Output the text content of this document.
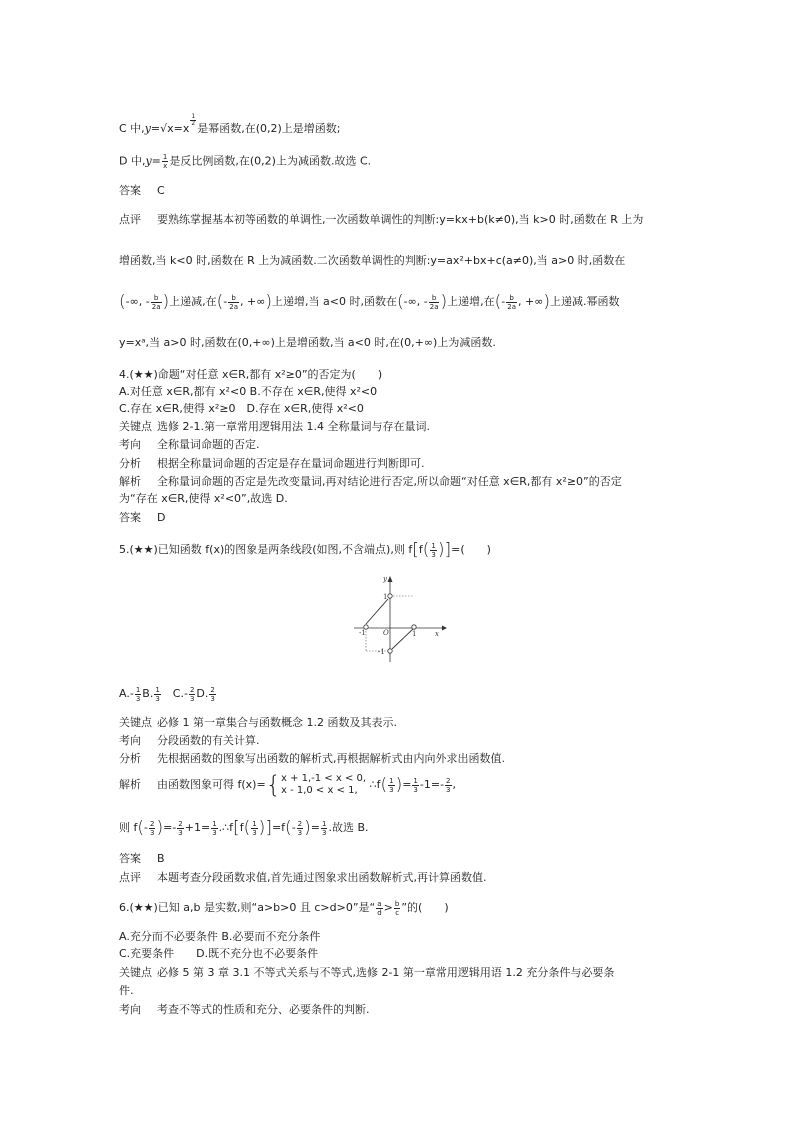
C 中,y=√x=x
$\frac{1}{2}$
是幂函数,在(0,2)上是增函数;
D 中$,y= \frac{1}{x}$ 是反比例函数,在(0,2)上为减函数.故选 C.
答案 C
点评 要熟练掌握基本初等函数的单调性,一次函数单调性的判断:y=kx+b(k≠0),当 k>0 时,函数在 R 上为
增函数,当 k<0 时,函数在 R 上为减函数.二次函数单调性的判断:y=ax²+bx+c(a≠0),当 a>0 时,函数在
(-∞, - $\frac{b}{2a}$ )上递减,在(- $\frac{b}{2a}$ , +∞)上递增,当 a<0 时,函数在(-∞, - $\frac{b}{2a}$ )上递增,在(- $\frac{b}{2a}$ , +∞)上递减.幂函数
y=xᵃ,当 a>0 时,函数在(0,+∞)上是增函数,当 a<0 时,在(0,+∞)上为减函数.
4.(★★)命题“对任意 x∈R,都有 x²≥0”的否定为(　　)
A.对任意 x∈R,都有 x²<0 B.不存在 x∈R,使得 x²<0
C.存在 x∈R,使得 x²≥0　D.存在 x∈R,使得 x²<0
关键点 选修 2-1.第一章常用逻辑用法 1.4 全称量词与存在量词.
考向 全称量词命题的否定.
分析 根据全称量词命题的否定是存在量词命题进行判断即可.
解析 全称量词命题的否定是先改变量词,再对结论进行否定,所以命题“对任意 x∈R,都有 x²≥0”的否定
为“存在 x∈R,使得 x²<0”,故选 D.
答案 D
5.(★★)已知函数 f(x)的图象是两条线段(如图,不含端点),则 $f[f( \frac{1}{3}$ )]=(　　)
y
x
O
-1	1
1
-1
$A.- \frac{1}{3} B$. $\frac{1}{3}$
  $C.- \frac{2}{3} D$. $\frac{2}{3}$
关键点 必修 1 第一章集合与函数概念 1.2 函数及其表示.
考向 分段函数的有关计算.
分析 先根据函数的图象写出函数的解析式,再根据解析式由内向外求出函数值.
解析 由函数图象可得 f(x)={ x + 1,-1 < x < 0,
x - 1,0 < x < 1,	∴f( $\frac{1}{3}$ )= $\frac{1}{3} -1=- \frac{2}{3}$ ,
则 $f(- \frac{2}{3}$ )=- $\frac{2}{3} +1= \frac{1}{3}$ .∴f[f( $\frac{1}{3} )]=f(- \frac{2}{3}$ )= $\frac{1}{3}$ .故选 B.
答案 B
点评 本题考查分段函数求值,首先通过图象求出函数解析式,再计算函数值.
6.(★★)已知 a,b 是实数,则“a>b>0 且 c>d>0”是“ $\frac{a}{d} > \frac{b}{c}$ ”的(　　)
A.充分而不必要条件 B.必要而不充分条件
C.充要条件　　D.既不充分也不必要条件
关键点 必修 5 第 3 章 3.1 不等式关系与不等式,选修 2-1 第一章常用逻辑用语 1.2 充分条件与必要条
件.
考向 考查不等式的性质和充分、必要条件的判断.
